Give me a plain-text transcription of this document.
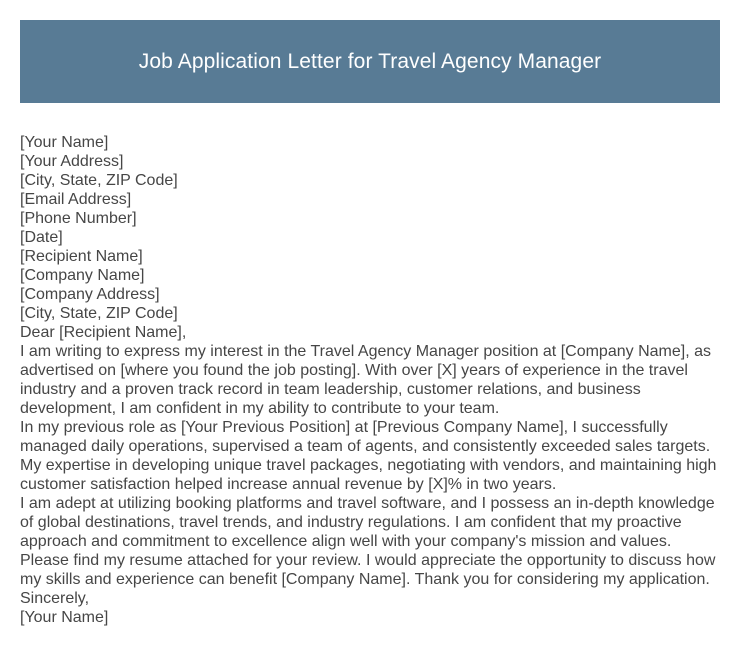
Job Application Letter for Travel Agency Manager
[Your Name]
[Your Address]
[City, State, ZIP Code]
[Email Address]
[Phone Number]
[Date]
[Recipient Name]
[Company Name]
[Company Address]
[City, State, ZIP Code]
Dear [Recipient Name],
I am writing to express my interest in the Travel Agency Manager position at [Company Name], as
advertised on [where you found the job posting]. With over [X] years of experience in the travel
industry and a proven track record in team leadership, customer relations, and business
development, I am confident in my ability to contribute to your team.
In my previous role as [Your Previous Position] at [Previous Company Name], I successfully
managed daily operations, supervised a team of agents, and consistently exceeded sales targets.
My expertise in developing unique travel packages, negotiating with vendors, and maintaining high
customer satisfaction helped increase annual revenue by [X]% in two years.
I am adept at utilizing booking platforms and travel software, and I possess an in-depth knowledge
of global destinations, travel trends, and industry regulations. I am confident that my proactive
approach and commitment to excellence align well with your company's mission and values.
Please find my resume attached for your review. I would appreciate the opportunity to discuss how
my skills and experience can benefit [Company Name]. Thank you for considering my application.
Sincerely,
[Your Name]
